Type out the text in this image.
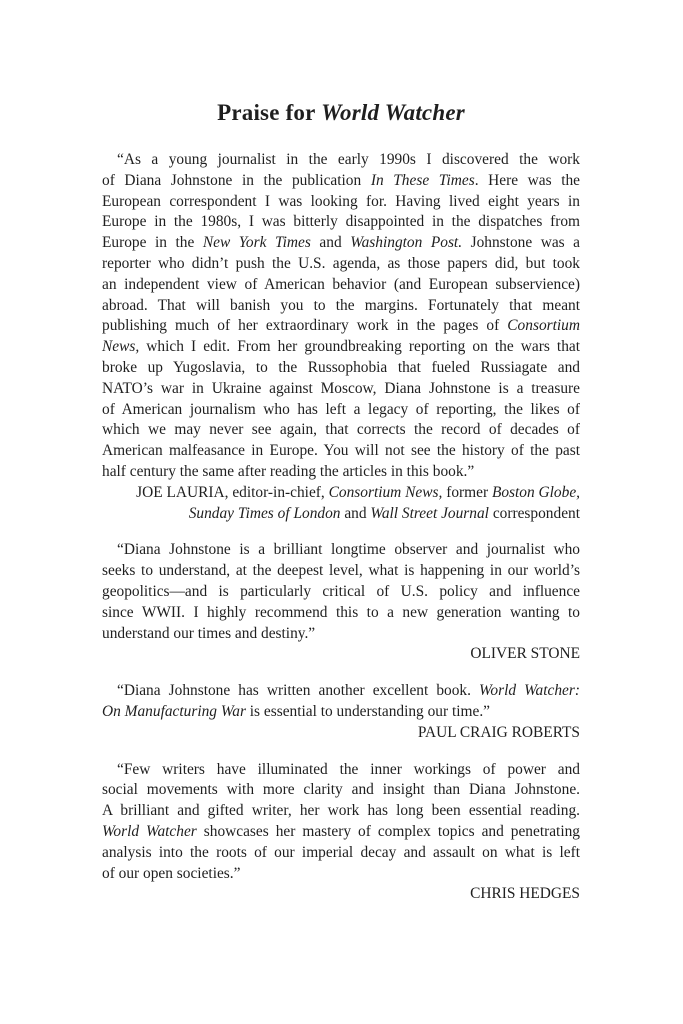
Praise for World Watcher
“As a young journalist in the early 1990s I discovered the work
of Diana Johnstone in the publication In These Times. Here was the
European correspondent I was looking for. Having lived eight years in
Europe in the 1980s, I was bitterly disappointed in the dispatches from
Europe in the New York Times and Washington Post. Johnstone was a
reporter who didn’t push the U.S. agenda, as those papers did, but took
an independent view of American behavior (and European subservience)
abroad. That will banish you to the margins. Fortunately that meant
publishing much of her extraordinary work in the pages of Consortium
News, which I edit. From her groundbreaking reporting on the wars that
broke up Yugoslavia, to the Russophobia that fueled Russiagate and
NATO’s war in Ukraine against Moscow, Diana Johnstone is a treasure
of American journalism who has left a legacy of reporting, the likes of
which we may never see again, that corrects the record of decades of
American malfeasance in Europe. You will not see the history of the past
half century the same after reading the articles in this book.”
JOE LAURIA, editor-in-chief, Consortium News, former Boston Globe,
Sunday Times of London and Wall Street Journal correspondent
“Diana Johnstone is a brilliant longtime observer and journalist who
seeks to understand, at the deepest level, what is happening in our world’s
geopolitics—and is particularly critical of U.S. policy and influence
since WWII. I highly recommend this to a new generation wanting to
understand our times and destiny.”
OLIVER STONE
“Diana Johnstone has written another excellent book. World Watcher:
On Manufacturing War is essential to understanding our time.”
PAUL CRAIG ROBERTS
“Few writers have illuminated the inner workings of power and
social movements with more clarity and insight than Diana Johnstone.
A brilliant and gifted writer, her work has long been essential reading.
World Watcher showcases her mastery of complex topics and penetrating
analysis into the roots of our imperial decay and assault on what is left
of our open societies.”
CHRIS HEDGES
